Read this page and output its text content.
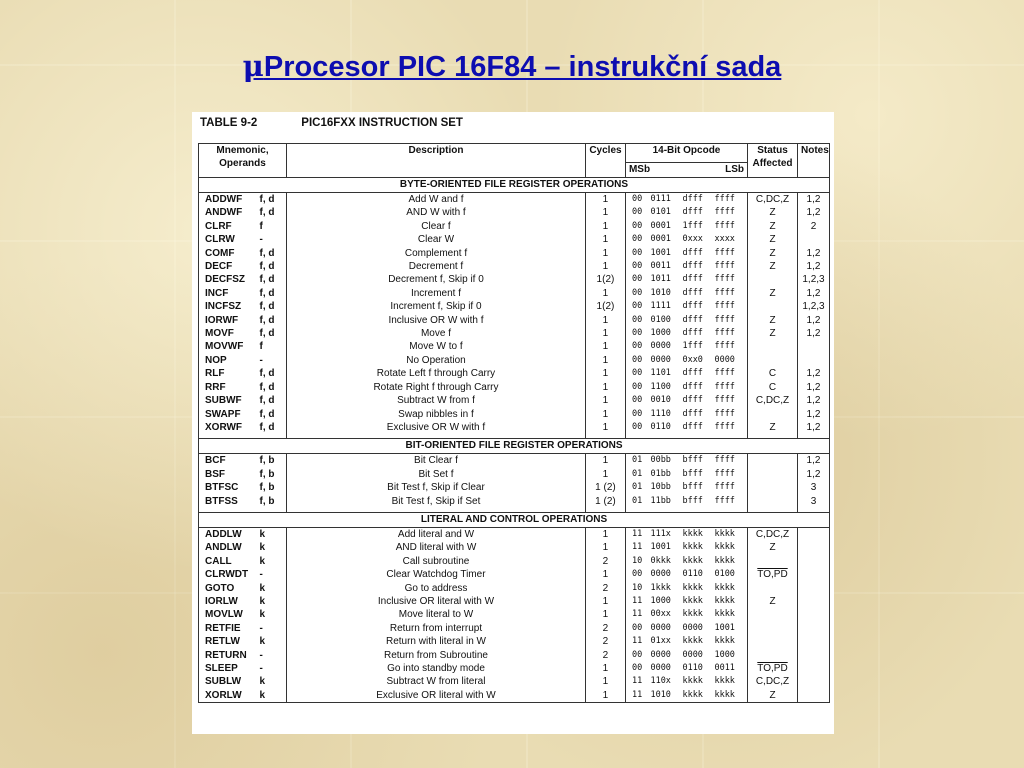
μProcesor PIC 16F84 – instrukční sada
TABLE 9-2	PIC16FXX INSTRUCTION SET
Mnemonic,
Operands		Description	Cycles	14-Bit Opcode				Status
Affected	Notes
				MSb		LSb			
BYTE-ORIENTED FILE REGISTER OPERATIONS									
ADDWF	f, d	Add W and f	1	00	0111	dfff	ffff	C,DC,Z	1,2
ANDWF	f, d	AND W with f	1	00	0101	dfff	ffff	Z	1,2
CLRF	f	Clear f	1	00	0001	1fff	ffff	Z	2
CLRW	-	Clear W	1	00	0001	0xxx	xxxx	Z	
COMF	f, d	Complement f	1	00	1001	dfff	ffff	Z	1,2
DECF	f, d	Decrement f	1	00	0011	dfff	ffff	Z	1,2
DECFSZ	f, d	Decrement f, Skip if 0	1(2)	00	1011	dfff	ffff		1,2,3
INCF	f, d	Increment f	1	00	1010	dfff	ffff	Z	1,2
INCFSZ	f, d	Increment f, Skip if 0	1(2)	00	1111	dfff	ffff		1,2,3
IORWF	f, d	Inclusive OR W with f	1	00	0100	dfff	ffff	Z	1,2
MOVF	f, d	Move f	1	00	1000	dfff	ffff	Z	1,2
MOVWF	f	Move W to f	1	00	0000	1fff	ffff		
NOP	-	No Operation	1	00	0000	0xx0	0000		
RLF	f, d	Rotate Left f through Carry	1	00	1101	dfff	ffff	C	1,2
RRF	f, d	Rotate Right f through Carry	1	00	1100	dfff	ffff	C	1,2
SUBWF	f, d	Subtract W from f	1	00	0010	dfff	ffff	C,DC,Z	1,2
SWAPF	f, d	Swap nibbles in f	1	00	1110	dfff	ffff		1,2
XORWF	f, d	Exclusive OR W with f	1	00	0110	dfff	ffff	Z	1,2

BIT-ORIENTED FILE REGISTER OPERATIONS									
BCF	f, b	Bit Clear f	1	01	00bb	bfff	ffff		1,2
BSF	f, b	Bit Set f	1	01	01bb	bfff	ffff		1,2
BTFSC	f, b	Bit Test f, Skip if Clear	1 (2)	01	10bb	bfff	ffff		3
BTFSS	f, b	Bit Test f, Skip if Set	1 (2)	01	11bb	bfff	ffff		3

LITERAL AND CONTROL OPERATIONS									
ADDLW	k	Add literal and W	1	11	111x	kkkk	kkkk	C,DC,Z	
ANDLW	k	AND literal with W	1	11	1001	kkkk	kkkk	Z	
CALL	k	Call subroutine	2	10	0kkk	kkkk	kkkk		
CLRWDT	-	Clear Watchdog Timer	1	00	0000	0110	0100	TO,PD	
GOTO	k	Go to address	2	10	1kkk	kkkk	kkkk		
IORLW	k	Inclusive OR literal with W	1	11	1000	kkkk	kkkk	Z	
MOVLW	k	Move literal to W	1	11	00xx	kkkk	kkkk		
RETFIE	-	Return from interrupt	2	00	0000	0000	1001		
RETLW	k	Return with literal in W	2	11	01xx	kkkk	kkkk		
RETURN	-	Return from Subroutine	2	00	0000	0000	1000		
SLEEP	-	Go into standby mode	1	00	0000	0110	0011	TO,PD	
SUBLW	k	Subtract W from literal	1	11	110x	kkkk	kkkk	C,DC,Z	
XORLW	k	Exclusive OR literal with W	1	11	1010	kkkk	kkkk	Z	
